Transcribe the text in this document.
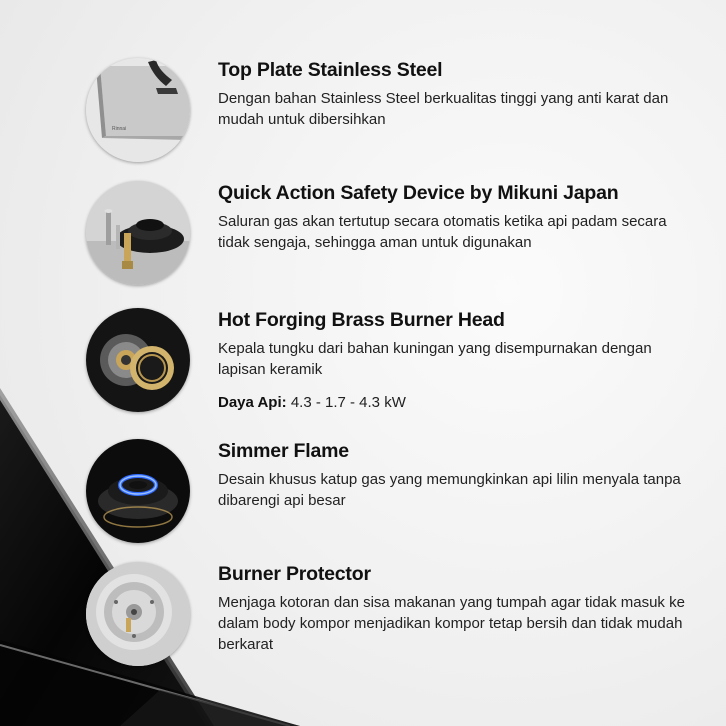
Rinnai
Top Plate Stainless Steel

Dengan bahan Stainless Steel berkualitas tinggi yang anti karat dan mudah untuk dibersihkan

Quick Action Safety Device by Mikuni Japan

Saluran gas akan tertutup secara otomatis ketika api padam secara tidak sengaja, sehingga aman untuk digunakan

Hot Forging Brass Burner Head

Kepala tungku dari bahan kuningan yang disempurnakan dengan lapisan keramik

Daya Api: 4.3 - 1.7 - 4.3 kW
Simmer Flame

Desain khusus katup gas yang memungkinkan api lilin menyala tanpa dibarengi api besar

Burner Protector

Menjaga kotoran dan sisa makanan yang tumpah agar tidak masuk ke dalam body kompor menjadikan kompor tetap bersih dan tidak mudah berkarat
